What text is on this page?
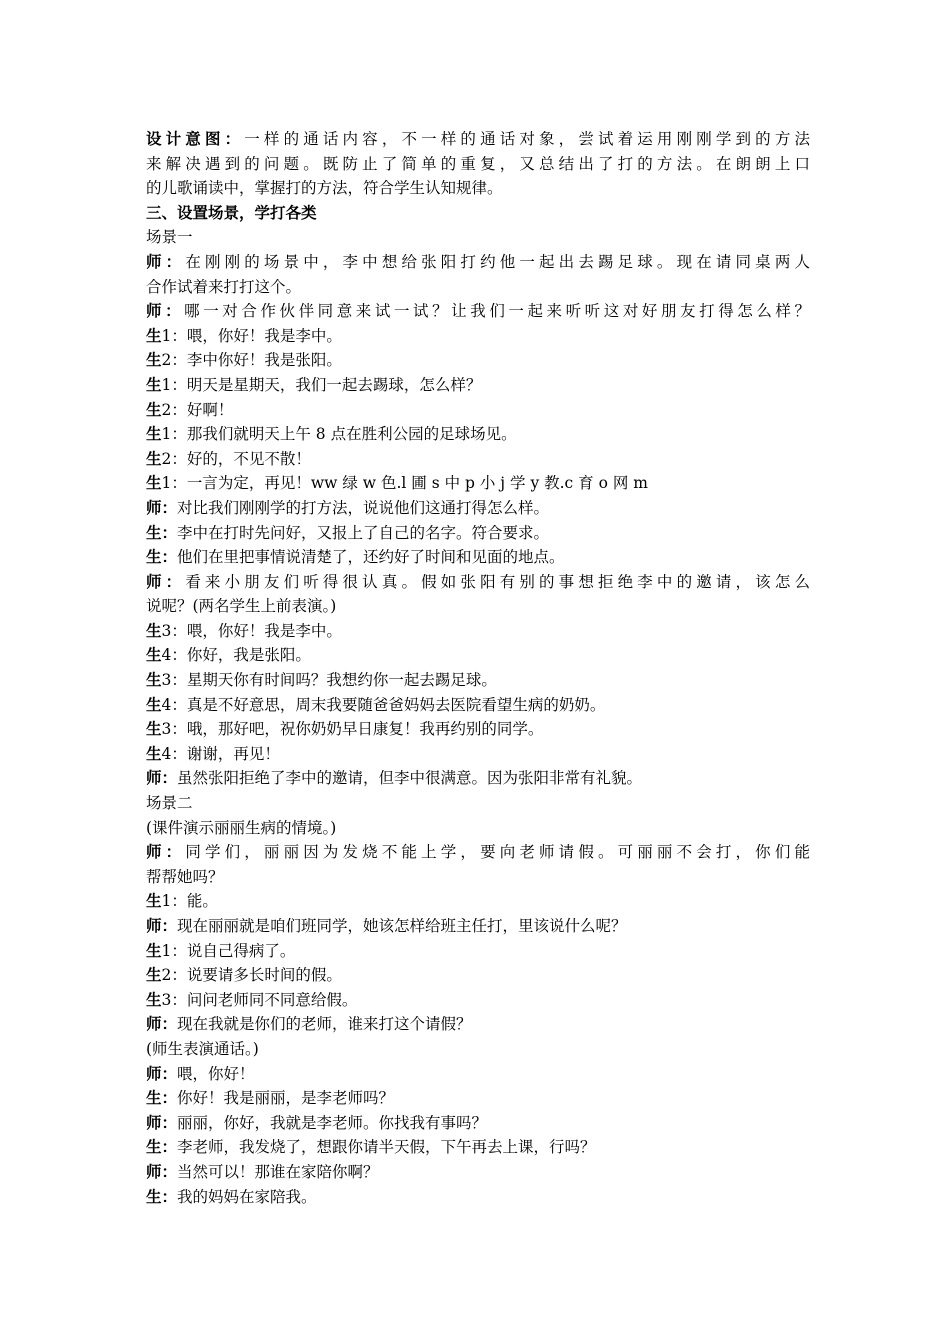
设计意图：一样的通话内容，不一样的通话对象，尝试着运用刚刚学到的方法
来解决遇到的问题。既防止了简单的重复，又总结出了打的方法。在朗朗上口
的儿歌诵读中，掌握打的方法，符合学生认知规律。
三、设置场景，学打各类
场景一
师：在刚刚的场景中，李中想给张阳打约他一起出去踢足球。现在请同桌两人
合作试着来打打这个。
师：哪一对合作伙伴同意来试一试？让我们一起来听听这对好朋友打得怎么样？
生1：喂，你好！我是李中。
生2：李中你好！我是张阳。
生1：明天是星期天，我们一起去踢球，怎么样？
生2：好啊！
生1：那我们就明天上午 8 点在胜利公园的足球场见。
生2：好的，不见不散！
生1：一言为定，再见！ww 绿 w 色.l 圃 s 中 p 小 j 学 y 教.c 育 o 网 m
师：对比我们刚刚学的打方法，说说他们这通打得怎么样。
生：李中在打时先问好，又报上了自己的名字。符合要求。
生：他们在里把事情说清楚了，还约好了时间和见面的地点。
师：看来小朋友们听得很认真。假如张阳有别的事想拒绝李中的邀请，该怎么
说呢？(两名学生上前表演。)
生3：喂，你好！我是李中。
生4：你好，我是张阳。
生3：星期天你有时间吗？我想约你一起去踢足球。
生4：真是不好意思，周末我要随爸爸妈妈去医院看望生病的奶奶。
生3：哦，那好吧，祝你奶奶早日康复！我再约别的同学。
生4：谢谢，再见！
师：虽然张阳拒绝了李中的邀请，但李中很满意。因为张阳非常有礼貌。
场景二
(课件演示丽丽生病的情境。)
师：同学们，丽丽因为发烧不能上学，要向老师请假。可丽丽不会打，你们能
帮帮她吗？
生1：能。
师：现在丽丽就是咱们班同学，她该怎样给班主任打，里该说什么呢？
生1：说自己得病了。
生2：说要请多长时间的假。
生3：问问老师同不同意给假。
师：现在我就是你们的老师，谁来打这个请假？
(师生表演通话。)
师：喂，你好！
生：你好！我是丽丽，是李老师吗？
师：丽丽，你好，我就是李老师。你找我有事吗？
生：李老师，我发烧了，想跟你请半天假，下午再去上课，行吗？
师：当然可以！那谁在家陪你啊？
生：我的妈妈在家陪我。
